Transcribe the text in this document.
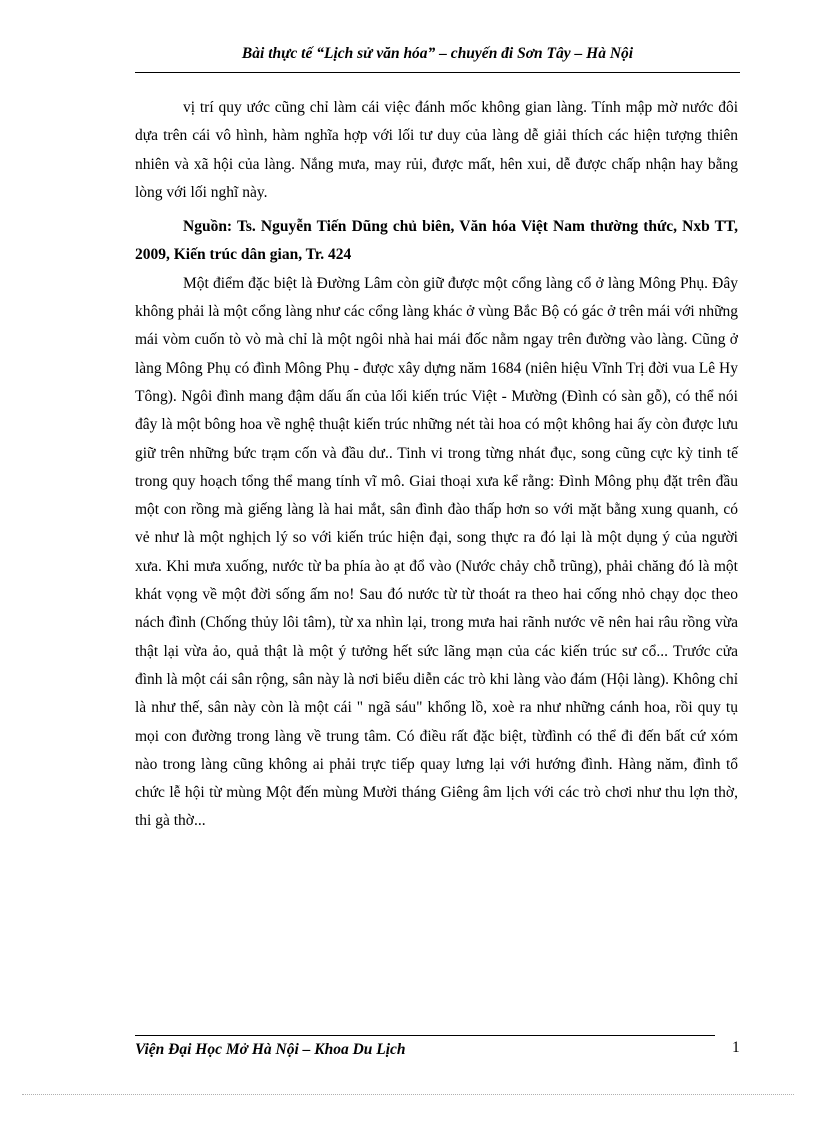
Bài thực tế “Lịch sử văn hóa” – chuyến đi Sơn Tây – Hà Nội

vị trí quy ước cũng chỉ làm cái việc đánh mốc không gian làng. Tính mập mờ nước đôi dựa trên cái vô hình, hàm nghĩa hợp với lối tư duy của làng dễ giải thích các hiện tượng thiên nhiên và xã hội của làng. Nắng mưa, may rủi, được mất, hên xui, dễ được chấp nhận hay bằng lòng với lối nghĩ này.

Nguồn: Ts. Nguyễn Tiến Dũng chủ biên, Văn hóa Việt Nam thường thức, Nxb TT, 2009, Kiến trúc dân gian, Tr. 424

Một điểm đặc biệt là Đường Lâm còn giữ được một cổng làng cổ ở làng Mông Phụ. Đây không phải là một cổng làng như các cổng làng khác ở vùng Bắc Bộ có gác ở trên mái với những mái vòm cuốn tò vò mà chỉ là một ngôi nhà hai mái đốc nằm ngay trên đường vào làng. Cũng ở làng Mông Phụ có đình Mông Phụ - được xây dựng năm 1684 (niên hiệu Vĩnh Trị đời vua Lê Hy Tông). Ngôi đình mang đậm dấu ấn của lối kiến trúc Việt - Mường (Đình có sàn gỗ), có thể nói đây là một bông hoa về nghệ thuật kiến trúc những nét tài hoa có một không hai ấy còn được lưu giữ trên những bức trạm cốn và đầu dư.. Tinh vi trong từng nhát đục, song cũng cực kỳ tinh tế trong quy hoạch tổng thể mang tính vĩ mô. Giai thoại xưa kể rằng: Đình Mông phụ đặt trên đầu một con rồng mà giếng làng là hai mắt, sân đình đào thấp hơn so với mặt bằng xung quanh, có vẻ như là một nghịch lý so với kiến trúc hiện đại, song thực ra đó lại là một dụng ý của người xưa. Khi mưa xuống, nước từ ba phía ào ạt đổ vào (Nước chảy chỗ trũng), phải chăng đó là một khát vọng về một đời sống ấm no! Sau đó nước từ từ thoát ra theo hai cống nhỏ chạy dọc theo nách đình (Chống thủy lôi tâm), từ xa nhìn lại, trong mưa hai rãnh nước vẽ nên hai râu rồng vừa thật lại vừa ảo, quả thật là một ý tưởng hết sức lãng mạn của các kiến trúc sư cổ... Trước cửa đình là một cái sân rộng, sân này là nơi biểu diễn các trò khi làng vào đám (Hội làng). Không chỉ là như thế, sân này còn là một cái " ngã sáu" khổng lồ, xoè ra như những cánh hoa, rồi quy tụ mọi con đường trong làng về trung tâm. Có điều rất đặc biệt, từđình có thể đi đến bất cứ xóm nào trong làng cũng không ai phải trực tiếp quay lưng lại với hướng đình. Hàng năm, đình tổ chức lễ hội từ mùng Một đến mùng Mười tháng Giêng âm lịch với các trò chơi như thu lợn thờ, thi gà thờ...

Viện Đại Học Mở Hà Nội – Khoa Du Lịch	1
